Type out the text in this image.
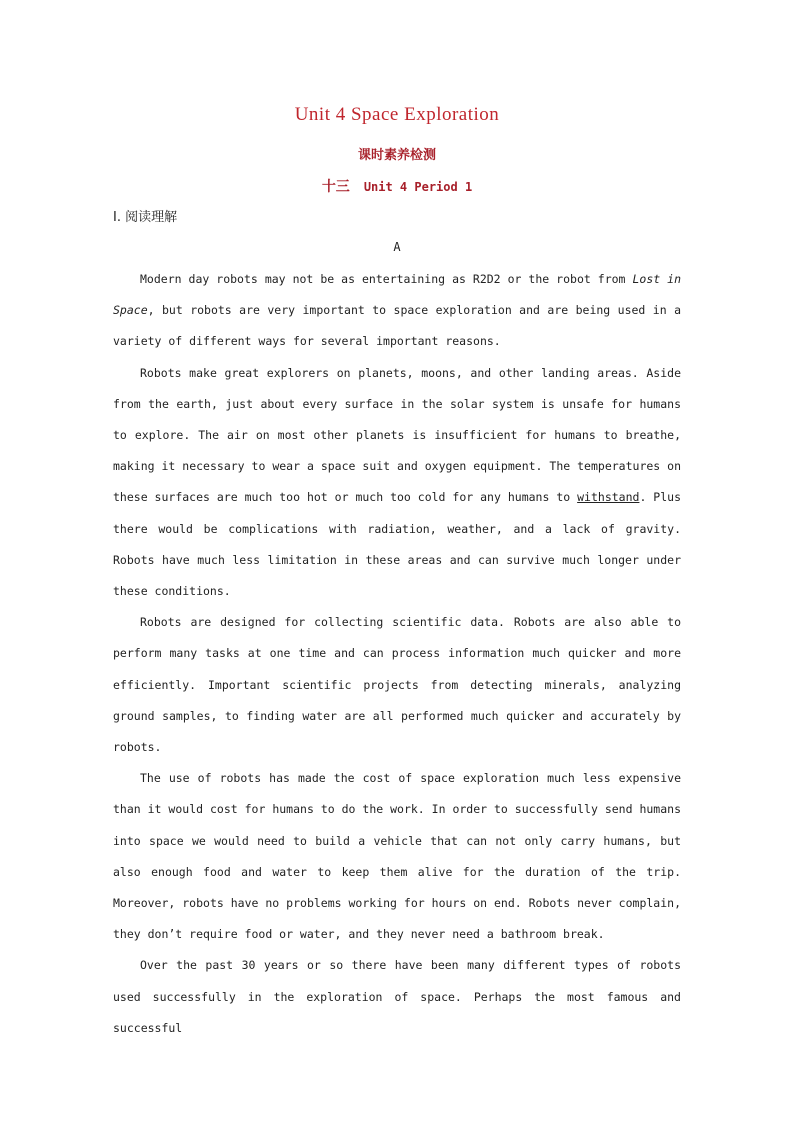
Unit 4 Space Exploration
课时素养检测
十三 Unit 4 Period 1
Ⅰ. 阅读理解
A

Modern day robots may not be as entertaining as R2D2 or the robot from Lost in Space, but robots are very important to space exploration and are being used in a variety of different ways for several important reasons.

Robots make great explorers on planets, moons, and other landing areas. Aside from the earth, just about every surface in the solar system is unsafe for humans to explore. The air on most other planets is insufficient for humans to breathe, making it necessary to wear a space suit and oxygen equipment. The temperatures on these surfaces are much too hot or much too cold for any humans to withstand. Plus there would be complications with radiation, weather, and a lack of gravity. Robots have much less limitation in these areas and can survive much longer under these conditions.

Robots are designed for collecting scientific data. Robots are also able to perform many tasks at one time and can process information much quicker and more efficiently. Important scientific projects from detecting minerals, analyzing ground samples, to finding water are all performed much quicker and accurately by robots.

The use of robots has made the cost of space exploration much less expensive than it would cost for humans to do the work. In order to successfully send humans into space we would need to build a vehicle that can not only carry humans, but also enough food and water to keep them alive for the duration of the trip. Moreover, robots have no problems working for hours on end. Robots never complain, they don’t require food or water, and they never need a bathroom break.

Over the past 30 years or so there have been many different types of robots used successfully in the exploration of space. Perhaps the most famous and successful
